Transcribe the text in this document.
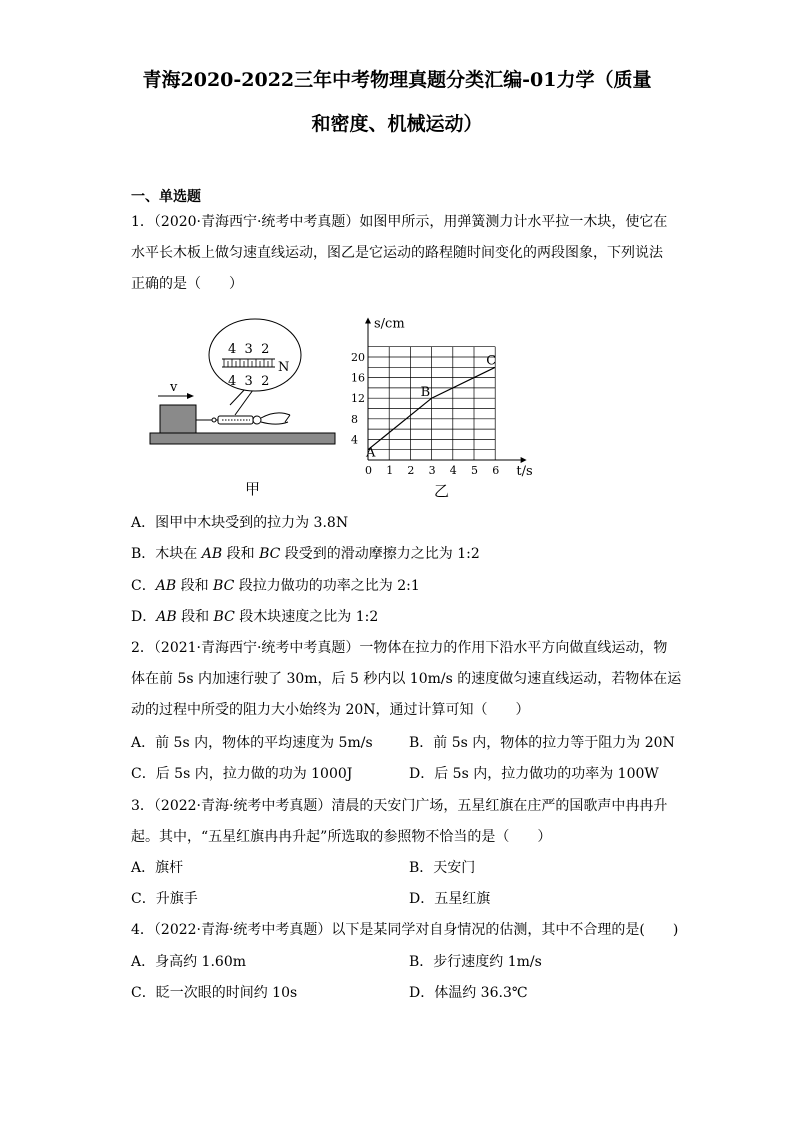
青海2020-2022三年中考物理真题分类汇编-01力学（质量
和密度、机械运动）
一、单选题
1．（2020·青海西宁·统考中考真题）如图甲所示，用弹簧测力计水平拉一木块，使它在
水平长木板上做匀速直线运动，图乙是它运动的路程随时间变化的两段图象，下列说法
正确的是（　　）
v
4  3  2
N
4  3  2
0 1 2 3 4 5 6
4
8
12
16
20
t/s
s/cm
A
B
C
甲	乙
A．图甲中木块受到的拉力为 3.8N
B．木块在 AB 段和 BC 段受到的滑动摩擦力之比为 1:2
C．AB 段和 BC 段拉力做功的功率之比为 2:1
D．AB 段和 BC 段木块速度之比为 1:2
2．（2021·青海西宁·统考中考真题）一物体在拉力的作用下沿水平方向做直线运动，物
体在前 5s 内加速行驶了 30m，后 5 秒内以 10m/s 的速度做匀速直线运动，若物体在运
动的过程中所受的阻力大小始终为 20N，通过计算可知（　　）
A．前 5s 内，物体的平均速度为 5m/s	B．前 5s 内，物体的拉力等于阻力为 20N
C．后 5s 内，拉力做的功为 1000J	D．后 5s 内，拉力做功的功率为 100W
3．（2022·青海·统考中考真题）清晨的天安门广场，五星红旗在庄严的国歌声中冉冉升
起。其中，“五星红旗冉冉升起”所选取的参照物不恰当的是（　　）
A．旗杆	B．天安门
C．升旗手	D．五星红旗
4．（2022·青海·统考中考真题）以下是某同学对自身情况的估测，其中不合理的是(　　)
A．身高约 1.60m	B．步行速度约 1m/s
C．眨一次眼的时间约 10s	D．体温约 36.3℃
